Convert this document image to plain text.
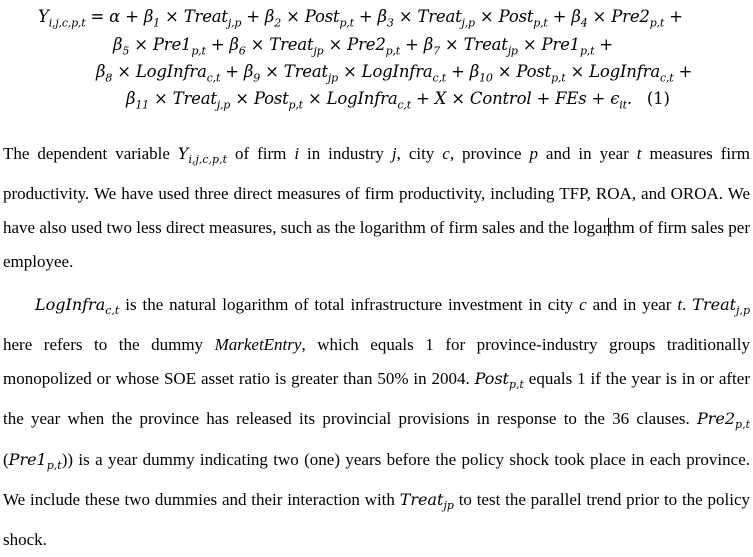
$Y_{i,j,c,p,t} = \alpha + \beta_1$ × Treat$_{j,p}$ + $\beta_2$ × Post$_{p,t}$ + $\beta_3$ × Treat$_{j,p}$ × Post$_{p,t}$ + $\beta_4 \times Pre2_{p,t}$ +
$\beta_5 \times Pre1_{p,t} + \beta_6$ × Treat$_{jp}$ × $Pre2_{p,t} + \beta_7$ × Treat$_{jp}$ × $Pre1_{p,t}$ +
$\beta_8$ × LogInfra$_{c,t}$ + $\beta_9$ × Treat$_{jp}$ × LogInfra$_{c,t}$ + $\beta_{10}$ × Post$_{p,t}$ × LogInfra$_{c,t}$ +
$\beta_{11}$ × Treat$_{j,p}$ × Post$_{p,t}$ × LogInfra$_{c,t}$ + X × Control + FEs + $\epsilon_{it}$. (1)

The dependent variable $Y_{i,j,c,p,t}$ of firm i in industry j, city c, province p and in year t measures firm productivity. We have used three direct measures of firm productivity, including TFP, ROA, and OROA. We have also used two less direct measures, such as the logarithm of firm sales and the logarthm of firm sales per employee.

LogInfra$_{c,t}$ is the natural logarithm of total infrastructure investment in city c and in year t. Treat$_{j,p}$ here refers to the dummy MarketEntry, which equals 1 for province-industry groups traditionally monopolized or whose SOE asset ratio is greater than 50% in 2004. Post$_{p,t}$ equals 1 if the year is in or after the year when the province has released its provincial provisions in response to the 36 clauses. $Pre2_{p,t}$ $(Pre1_{p,t})$) is a year dummy indicating two (one) years before the policy shock took place in each province. We include these two dummies and their interaction with Treat$_{jp}$ to test the parallel trend prior to the policy shock.
